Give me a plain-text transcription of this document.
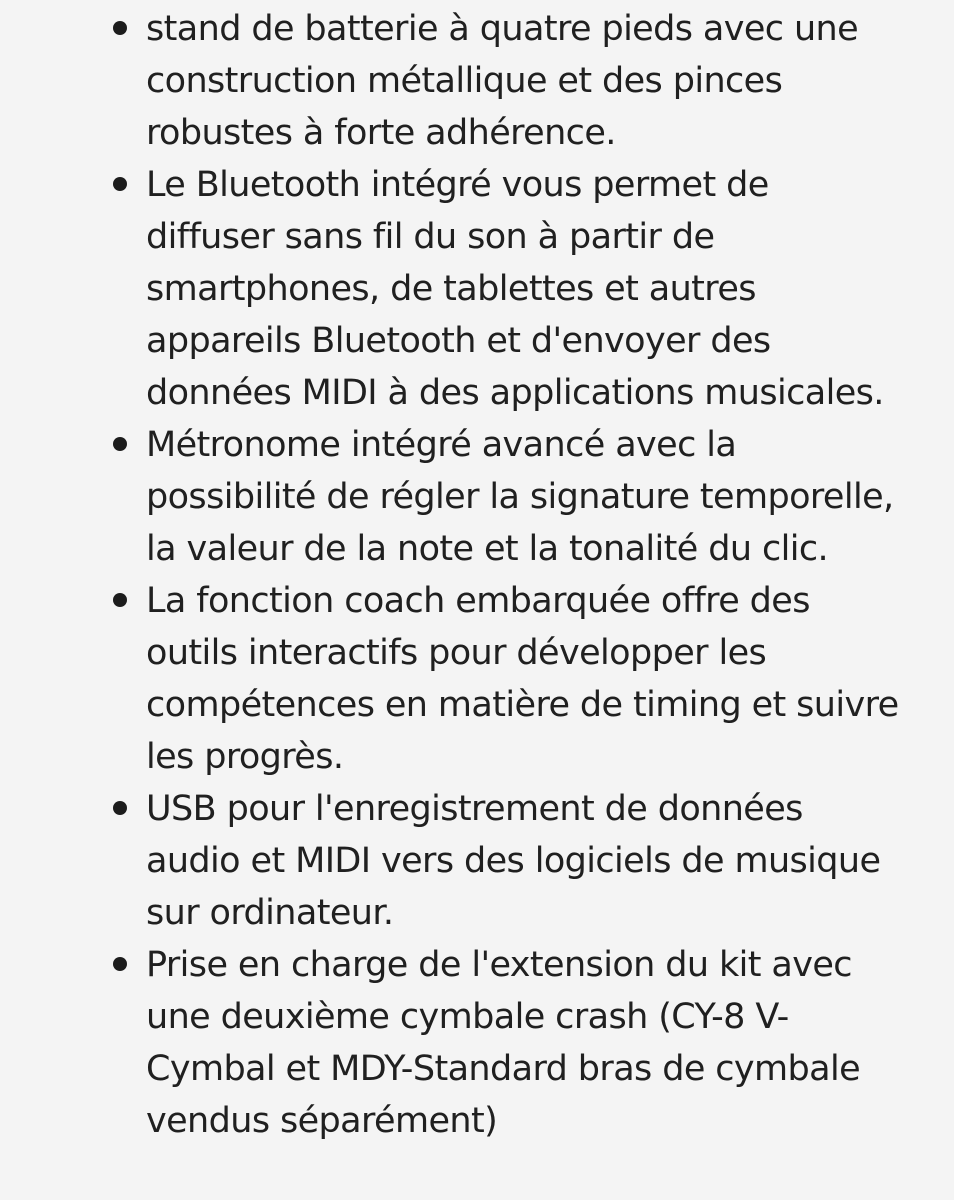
stand de batterie à quatre pieds avec une
construction métallique et des pinces
robustes à forte adhérence.
Le Bluetooth intégré vous permet de
diffuser sans fil du son à partir de
smartphones, de tablettes et autres
appareils Bluetooth et d'envoyer des
données MIDI à des applications musicales.
Métronome intégré avancé avec la
possibilité de régler la signature temporelle,
la valeur de la note et la tonalité du clic.
La fonction coach embarquée offre des
outils interactifs pour développer les
compétences en matière de timing et suivre
les progrès.
USB pour l'enregistrement de données
audio et MIDI vers des logiciels de musique
sur ordinateur.
Prise en charge de l'extension du kit avec
une deuxième cymbale crash (CY-8 V-
Cymbal et MDY-Standard bras de cymbale
vendus séparément)
